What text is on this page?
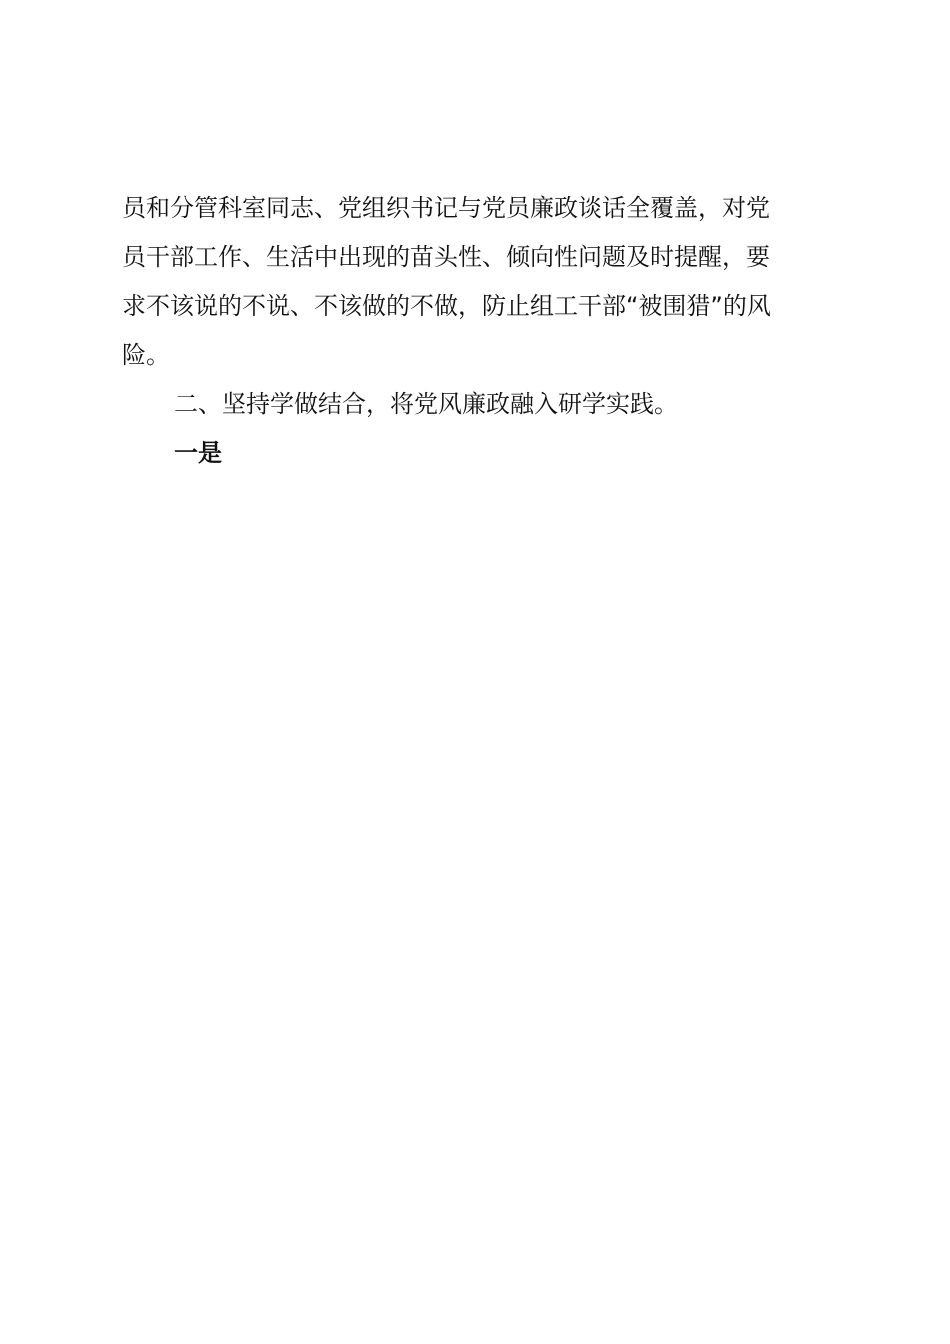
员和分管科室同志、党组织书记与党员廉政谈话全覆盖，对党
员干部工作、生活中出现的苗头性、倾向性问题及时提醒，要
求不该说的不说、不该做的不做，防止组工干部“被围猎”的风
险。

二、坚持学做结合，将党风廉政融入研学实践。

一是
